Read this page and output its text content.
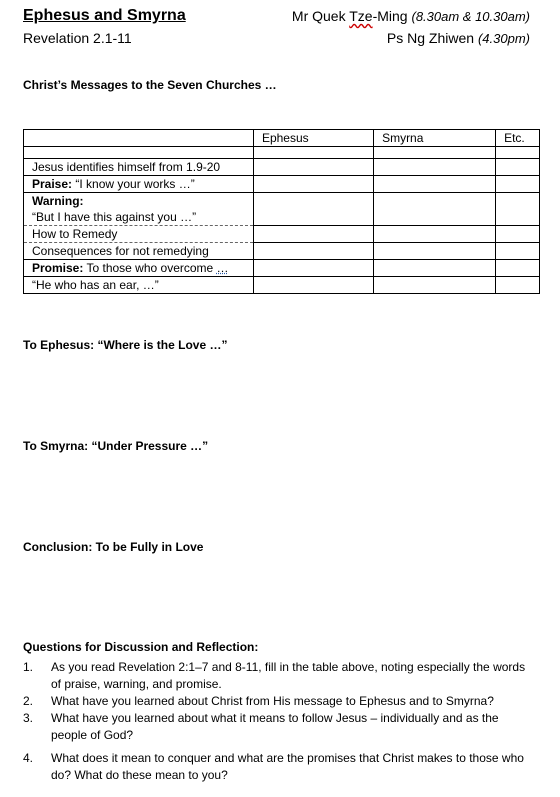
Ephesus and Smyrna
Revelation 2.1-11
Mr Quek Tze-Ming (8.30am & 10.30am)
Ps Ng Zhiwen (4.30pm)
Christ’s Messages to the Seven Churches …
	Ephesus	Smyrna	Etc.

Jesus identifies himself from 1.9-20			
Praise: “I know your works …”			

Warning:
“But I have this against you …”			

How to Remedy			
Consequences for not remedying			
Promise: To those who overcome …			
“He who has an ear, …”			
To Ephesus: “Where is the Love …”
To Smyrna: “Under Pressure …”
Conclusion: To be Fully in Love
Questions for Discussion and Reflection:
1.	As you read Revelation 2:1–7 and 8-11, fill in the table above, noting especially the words of praise, warning, and promise.
2.	What have you learned about Christ from His message to Ephesus and to Smyrna?
3.	What have you learned about what it means to follow Jesus – individually and as the people of God?
4.	What does it mean to conquer and what are the promises that Christ makes to those who do? What do these mean to you?
